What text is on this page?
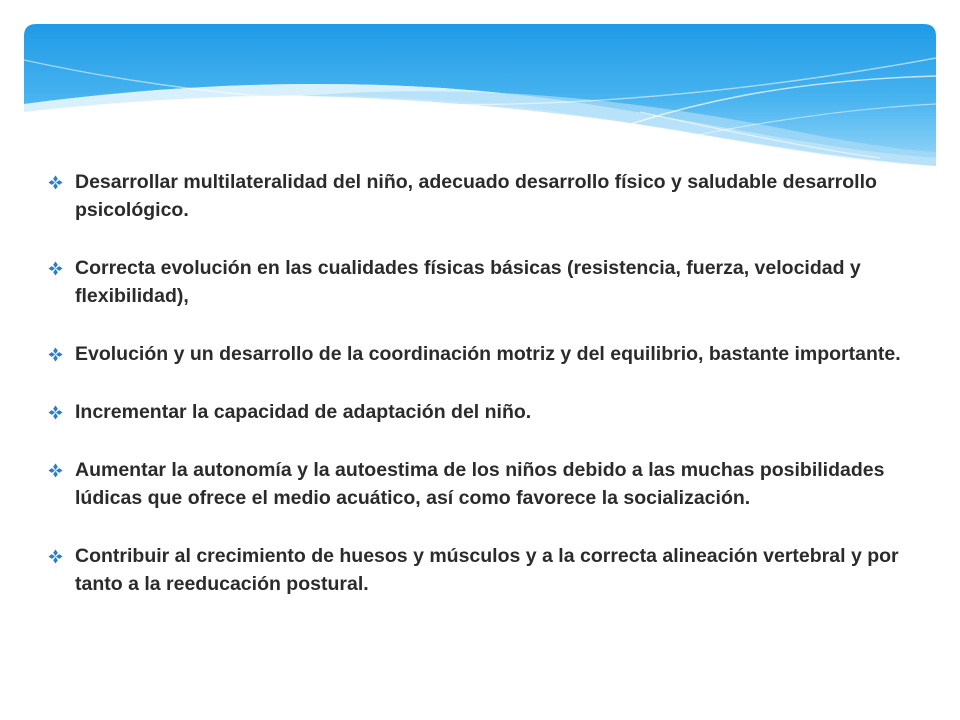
Desarrollar multilateralidad del niño, adecuado desarrollo físico y saludable desarrollo psicológico.
Correcta evolución en las cualidades físicas básicas (resistencia, fuerza, velocidad y flexibilidad),
Evolución y un desarrollo de la coordinación motriz y del equilibrio, bastante importante.
Incrementar la capacidad de adaptación del niño.
Aumentar la autonomía y la autoestima de los niños debido a las muchas posibilidades lúdicas que ofrece el medio acuático, así como favorece la socialización.
Contribuir al crecimiento de huesos y músculos y a la correcta alineación vertebral y por tanto a la reeducación postural.
